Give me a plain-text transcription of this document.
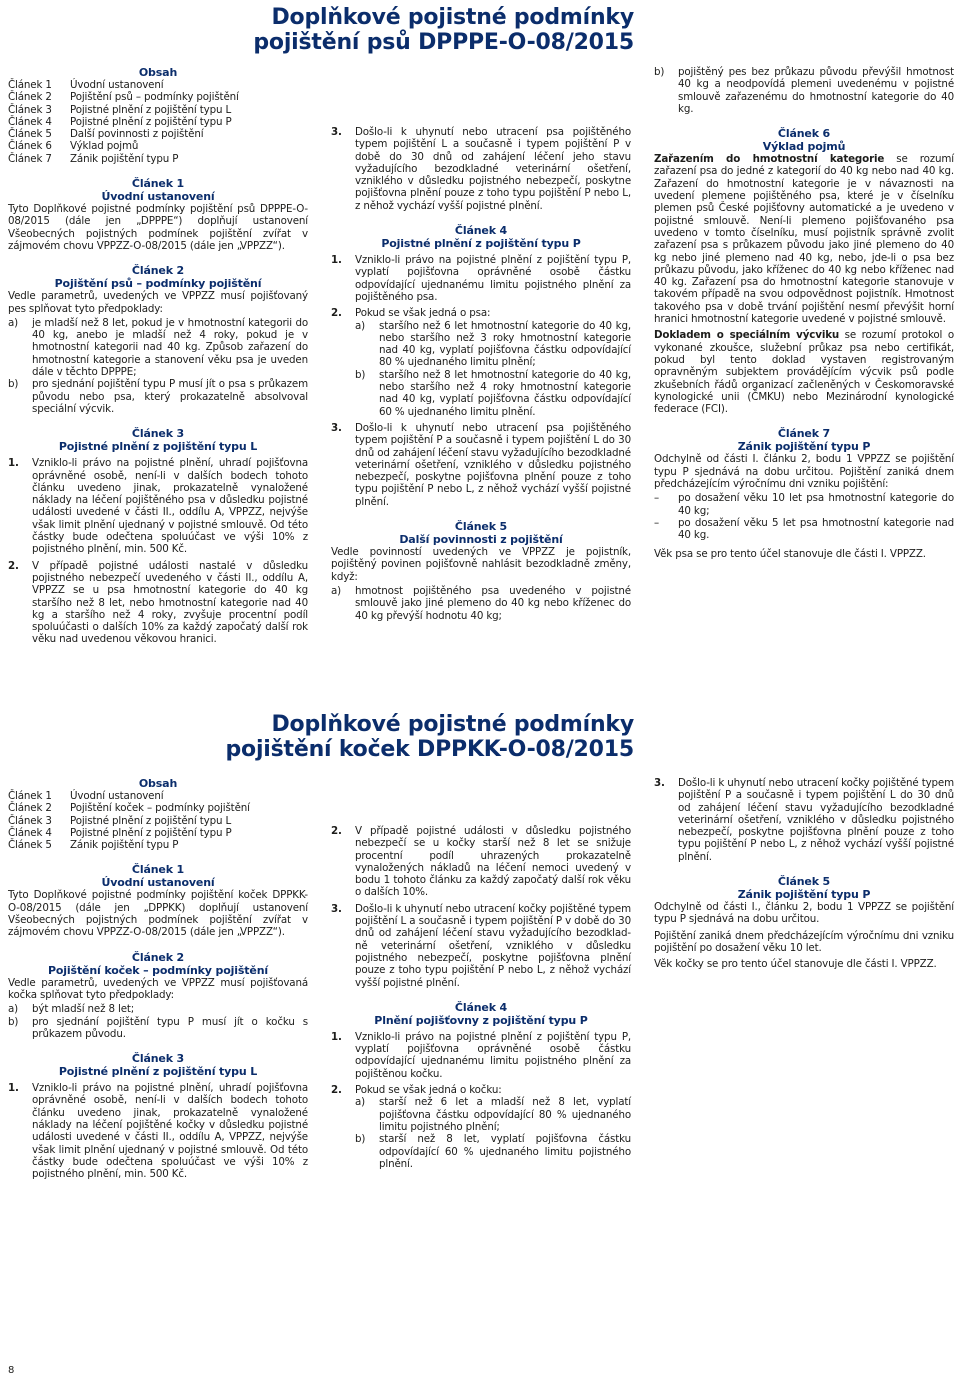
Doplňkové pojistné podmínky
pojištění psů DPPPE-O-08/2015
Obsah
Článek 1	Úvodní ustanovení
Článek 2	Pojištění psů – podmínky pojištění
Článek 3	Pojistné plnění z pojištění typu L
Článek 4	Pojistné plnění z pojištění typu P
Článek 5	Další povinnosti z pojištění
Článek 6	Výklad pojmů
Článek 7	Zánik pojištění typu P
Článek 1
Úvodní ustanovení

Tyto Doplňkové pojistné podmínky pojištění psů DPPPE-O-08/2015 (dále jen „DPPPE“) doplňují ustanovení Všeobecných pojistných podmínek pojištění zvířat v zájmovém chovu VPPZZ-O-08/2015 (dále jen „VPPZZ“).

Článek 2
Pojištění psů – podmínky pojištění

Vedle parametrů, uvedených ve VPPZZ musí pojišťovaný pes splňovat tyto předpoklady:

a)	je mladší než 8 let, pokud je v hmotnostní kategorii do 40 kg, anebo je mladší než 4 roky, pokud je v hmotnostní kategorii nad 40 kg. Způsob zařazení do hmotnostní kategorie a stanovení věku psa je uveden dále v těchto DPPPE;
b)	pro sjednání pojištění typu P musí jít o psa s průkazem původu nebo psa, který prokazatelně absolvoval speciální výcvik.
Článek 3
Pojistné plnění z pojištění typu L
1.	Vzniklo-li právo na pojistné plnění, uhradí pojišťovna oprávněné osobě, není-li v dalších bodech tohoto článku uvedeno jinak, prokazatelně vynaložené náklady na léčení pojištěného psa v důsledku pojistné události uvedené v části II., oddílu A, VPPZZ, nejvýše však limit plnění ujednaný v pojistné smlouvě. Od této částky bude odečtena spoluúčast ve výši 10% z pojistného plnění, min. 500 Kč.
2.	V případě pojistné události nastalé v důsledku pojistného nebezpečí uvedeného v části II., oddílu A, VPPZZ se u psa hmotnostní kategorie do 40 kg staršího než 8 let, nebo hmotnostní kategorie nad 40 kg a staršího než 4 roky, zvyšuje procentní podíl spoluúčasti o dalších 10% za každý započatý další rok věku nad uvedenou věkovou hranici.
3.	Došlo-li k uhynutí nebo utracení psa pojištěného typem pojištění L a současně i typem pojištění P v době do 30 dnů od zahájení léčení jeho stavu vyžadujícího bezodkladné veterinární ošetření, vzniklého v důsledku pojistného nebezpečí, poskytne pojišťovna plnění pouze z toho typu pojištění P nebo L, z něhož vychází vyšší pojistné plnění.
Článek 4
Pojistné plnění z pojištění typu P
1.	Vzniklo-li právo na pojistné plnění z pojištění typu P, vyplatí pojišťovna oprávněné osobě částku odpovídající ujednanému limitu pojistného plnění za pojištěného psa.
2.	Pokud se však jedná o psa:
a)	staršího než 6 let hmotnostní kategorie do 40 kg, nebo staršího než 3 roky hmotnostní kategorie nad 40 kg, vyplatí pojišťovna částku odpovídající 80 % ujednaného limitu plnění;
b)	staršího než 8 let hmotnostní kategorie do 40 kg, nebo staršího než 4 roky hmotnostní kategorie nad 40 kg, vyplatí pojišťovna částku odpovídající 60 % ujednaného limitu plnění.
3.	Došlo-li k uhynutí nebo utracení psa pojištěného typem pojištění P a současně i typem pojištění L do 30 dnů od zahájení léčení stavu vyžadujícího bezodkladné veterinární ošetření, vzniklého v důsledku pojistného nebezpečí, poskytne pojišťovna plnění pouze z toho typu pojištění P nebo L, z něhož vychází vyšší pojistné plnění.
Článek 5
Další povinnosti z pojištění

Vedle povinností uvedených ve VPPZZ je pojistník, pojištěný povinen pojišťovně nahlásit bezodkladně změny, když:

a)	hmotnost pojištěného psa uvedeného v pojistné smlouvě jako jiné plemeno do 40 kg nebo kříženec do 40 kg převýší hodnotu 40 kg;
b)	pojištěný pes bez průkazu původu převýšil hmotnost 40 kg a neodpovídá plemeni uvedenému v pojistné smlouvě zařazenému do hmotnostní kategorie do 40 kg.
Článek 6
Výklad pojmů

Zařazením do hmotnostní kategorie se rozumí zařazení psa do jedné z kategorií do 40 kg nebo nad 40 kg. Zařazení do hmotnostní kategorie je v návaznosti na uvedení plemene pojištěného psa, které je v číselníku plemen psů České pojišťovny automatické a je uvedeno v pojistné smlouvě. Není-li plemeno pojišťovaného psa uvedeno v tomto číselníku, musí pojistník správně zvolit zařazení psa s průkazem původu jako jiné plemeno do 40 kg nebo jiné plemeno nad 40 kg, nebo, jde-li o psa bez průkazu původu, jako kříženec do 40 kg nebo kříženec nad 40 kg. Zařazení psa do hmotnostní kategorie stanovuje v takovém případě na svou odpovědnost pojistník. Hmotnost takového psa v době trvání pojištění nesmí převýšit horní hranici hmotnostní kategorie uvedené v pojistné smlouvě.

Dokladem o speciálním výcviku se rozumí protokol o vykonané zkoušce, služební průkaz psa nebo certifikát, pokud byl tento doklad vystaven registrovaným opravněným subjektem provádějícím výcvik psů podle zkušebních řádů organizací začleněných v Českomoravské kynologické unii (ČMKU) nebo Mezinárodní kynologické federace (FCI).

Článek 7
Zánik pojištění typu P

Odchylně od části I. článku 2, bodu 1 VPPZZ se pojištění typu P sjednává na dobu určitou. Pojištění zaniká dnem předcházejícím výročnímu dni vzniku pojištění:

–	po dosažení věku 10 let psa hmotnostní kategorie do 40 kg;
–	po dosažení věku 5 let psa hmotnostní kategorie nad 40 kg.

Věk psa se pro tento účel stanovuje dle části I. VPPZZ.

Doplňkové pojistné podmínky
pojištění koček DPPKK-O-08/2015
Obsah
Článek 1	Úvodní ustanovení
Článek 2	Pojištění koček – podmínky pojištění
Článek 3	Pojistné plnění z pojištění typu L
Článek 4	Pojistné plnění z pojištění typu P
Článek 5	Zánik pojištění typu P
Článek 1
Úvodní ustanovení

Tyto Doplňkové pojistné podmínky pojištění koček DPPKK-O-08/2015 (dále jen „DPPKK) doplňují ustanovení Všeobecných pojistných podmínek pojištění zvířat v zájmovém chovu VPPZZ-O-08/2015 (dále jen „VPPZZ“).

Článek 2
Pojištění koček – podmínky pojištění

Vedle parametrů, uvedených ve VPPZZ musí pojišťovaná kočka splňovat tyto předpoklady:

a)	být mladší než 8 let;
b)	pro sjednání pojištění typu P musí jít o kočku s průkazem původu.
Článek 3
Pojistné plnění z pojištění typu L
1.	Vzniklo-li právo na pojistné plnění, uhradí pojišťovna oprávněné osobě, není-li v dalších bodech tohoto článku uvedeno jinak, prokazatelně vynaložené náklady na léčení pojištěné kočky v důsledku pojistné události uvedené v části II., oddílu A, VPPZZ, nejvýše však limit plnění ujednaný v pojistné smlouvě. Od této částky bude odečtena spoluúčast ve výši 10% z pojistného plnění, min. 500 Kč.
2.	V případě pojistné události v důsledku pojistného nebezpečí se u kočky starší než 8 let se snižuje procentní podíl uhrazených prokazatelně vynaložených nákladů na léčení nemoci uvedený v bodu 1 tohoto článku za každý započatý další rok věku o dalších 10%.
3.	Došlo-li k uhynutí nebo utracení kočky pojištěné typem pojištění L a současně i typem pojištění P v době do 30 dnů od zahájení léčení stavu vyžadujícího bezodklad- ně veterinární ošetření, vzniklého v důsledku pojistného nebezpečí, poskytne pojišťovna plnění pouze z toho typu pojištění P nebo L, z něhož vychází vyšší pojistné plnění.
Článek 4
Plnění pojišťovny z pojištění typu P
1.	Vzniklo-li právo na pojistné plnění z pojištění typu P, vyplatí pojišťovna oprávněné osobě částku odpovídající ujednanému limitu pojistného plnění za pojištěnou kočku.
2.	Pokud se však jedná o kočku:
a)	starší než 6 let a mladší než 8 let, vyplatí pojišťovna částku odpovídající 80 % ujednaného limitu pojistného plnění;
b)	starší než 8 let, vyplatí pojišťovna částku odpovídající 60 % ujednaného limitu pojistného plnění.
3.	Došlo-li k uhynutí nebo utracení kočky pojištěné typem pojištění P a současně i typem pojištění L do 30 dnů od zahájení léčení stavu vyžadujícího bezodkladné veterinární ošetření, vzniklého v důsledku pojistného nebezpečí, poskytne pojišťovna plnění pouze z toho typu pojištění P nebo L, z něhož vychází vyšší pojistné plnění.
Článek 5
Zánik pojištění typu P

Odchylně od části I., článku 2, bodu 1 VPPZZ se pojištění typu P sjednává na dobu určitou.

Pojištění zaniká dnem předcházejícím výročnímu dni vzniku pojištění po dosažení věku 10 let.

Věk kočky se pro tento účel stanovuje dle části I. VPPZZ.

8
